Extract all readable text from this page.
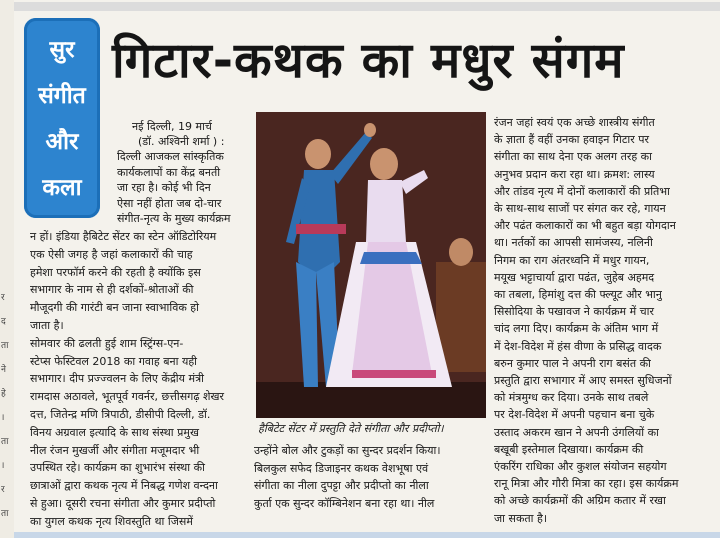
र
द
ता
ने
हे
।
ता
।
र
ता
सुर
संगीत
और
कला
गिटार-कथक का मधुर संगम
नई दिल्ली, 19 मार्च
(डॉ. अश्विनी शर्मा ) :
दिल्ली आजकल सांस्कृतिक
कार्यकलापों का केंद्र बनती
जा रहा है। कोई भी दिन
ऐसा नहीं होता जब दो-चार
संगीत-नृत्य के मुख्य कार्यक्रम
न हों। इंडिया हैबिटेट सेंटर का स्टेन ऑडिटोरियम
एक ऐसी जगह है जहां कलाकारों की चाह
हमेशा परफॉर्म करने की रहती है क्योंकि इस
सभागार के नाम से ही दर्शकों-श्रोताओं की
मौजूदगी की गारंटी बन जाना स्वाभाविक हो
जाता है।
सोमवार की ढलती हुई शाम स्ट्रिंग्स-एन-
स्टेप्स फेस्टिवल 2018 का गवाह बना यही
सभागार। दीप प्रज्ज्वलन के लिए केंद्रीय मंत्री
रामदास अठावले, भूतपूर्व गवर्नर, छत्तीसगढ़ शेखर
दत्त, जितेन्द्र मणि त्रिपाठी, डीसीपी दिल्ली, डॉ.
विनय अग्रवाल इत्यादि के साथ संस्था प्रमुख
नील रंजन मुखर्जी और संगीता मजूमदार भी
उपस्थित रहे। कार्यक्रम का शुभारंभ संस्था की
छात्राओं द्वारा कथक नृत्य में निबद्ध गणेश वन्दना
से हुआ। दूसरी रचना संगीता और कुमार प्रदीप्तो
का युगल कथक नृत्य शिवस्तुति था जिसमें
हैबिटेट सेंटर में प्रस्तुति देते संगीता और प्रदीप्तो।
उन्होंने बोल और टुकड़ों का सुन्दर प्रदर्शन किया।
बिलकुल सफेद डिजाइनर कथक वेशभूषा एवं
संगीता का नीला दुपट्टा और प्रदीप्तो का नीला
कुर्ता एक सुन्दर कॉम्बिनेशन बना रहा था। नील
रंजन जहां स्वयं एक अच्छे शास्त्रीय संगीत
के ज्ञाता हैं वहीं उनका हवाइन गिटार पर
संगीता का साथ देना एक अलग तरह का
अनुभव प्रदान करा रहा था। क्रमश: लास्य
और तांडव नृत्य में दोनों कलाकारों की प्रतिभा
के साथ-साथ साजों पर संगत कर रहे, गायन
और पढंत कलाकारों का भी बहुत बड़ा योगदान
था। नर्तकों का आपसी सामंजस्य, नलिनी
निगम का राग अंतरध्वनि में मधुर गायन,
मयूख भट्टाचार्या द्वारा पढंत, जुहेब अहमद
का तबला, हिमांशु दत्त की फ्ल्यूट और भानु
सिसोदिया के पखावज ने कार्यक्रम में चार
चांद लगा दिए। कार्यक्रम के अंतिम भाग में
में देश-विदेश में हंस वीणा के प्रसिद्ध वादक
बरुन कुमार पाल ने अपनी राग बसंत की
प्रस्तुति द्वारा सभागार में आए समस्त सुधिजनों
को मंत्रमुग्ध कर दिया। उनके साथ तबले
पर देश-विदेश में अपनी पहचान बना चुके
उस्ताद अकरम खान ने अपनी उंगलियों का
बखूबी इस्तेमाल दिखाया। कार्यक्रम की
एंकरिंग राधिका और कुशल संयोजन सहयोग
रानू मित्रा और गौरी मित्रा का रहा। इस कार्यक्रम
को अच्छे कार्यक्रमों की अग्रिम कतार में रखा
जा सकता है।
